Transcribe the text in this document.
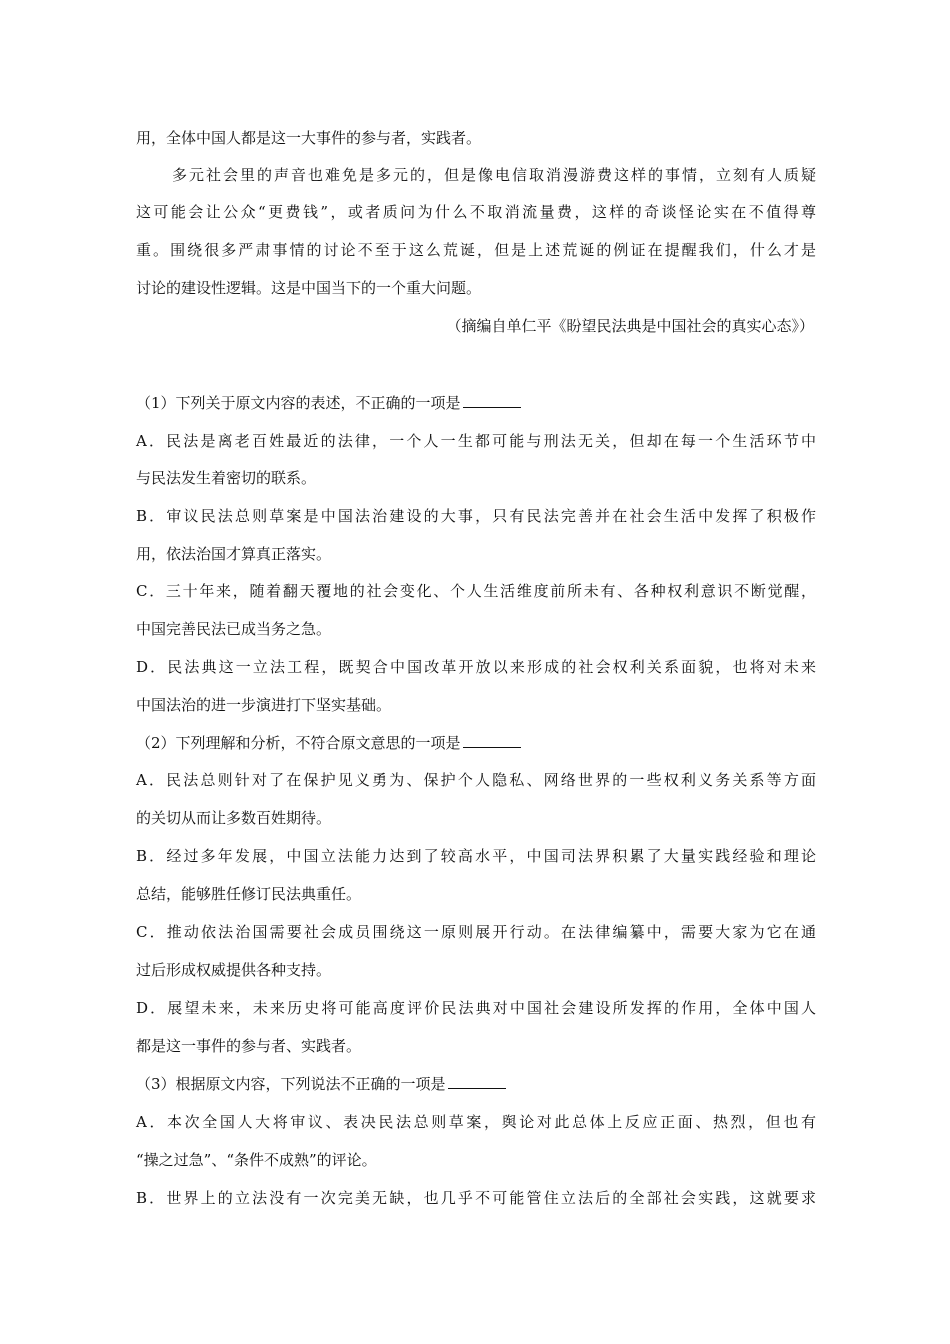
用，全体中国人都是这一大事件的参与者，实践者。
多元社会里的声音也难免是多元的，但是像电信取消漫游费这样的事情，立刻有人质疑
这可能会让公众“更费钱”，或者质问为什么不取消流量费，这样的奇谈怪论实在不值得尊
重。围绕很多严肃事情的讨论不至于这么荒诞，但是上述荒诞的例证在提醒我们，什么才是
讨论的建设性逻辑。这是中国当下的一个重大问题。
（摘编自单仁平《盼望民法典是中国社会的真实心态》）
（1）下列关于原文内容的表述，不正确的一项是
A．民法是离老百姓最近的法律，一个人一生都可能与刑法无关，但却在每一个生活环节中
与民法发生着密切的联系。
B．审议民法总则草案是中国法治建设的大事，只有民法完善并在社会生活中发挥了积极作
用，依法治国才算真正落实。
C．三十年来，随着翻天覆地的社会变化、个人生活维度前所未有、各种权利意识不断觉醒，
中国完善民法已成当务之急。
D．民法典这一立法工程，既契合中国改革开放以来形成的社会权利关系面貌，也将对未来
中国法治的进一步演进打下坚实基础。
（2）下列理解和分析，不符合原文意思的一项是
A．民法总则针对了在保护见义勇为、保护个人隐私、网络世界的一些权利义务关系等方面
的关切从而让多数百姓期待。
B．经过多年发展，中国立法能力达到了较高水平，中国司法界积累了大量实践经验和理论
总结，能够胜任修订民法典重任。
C．推动依法治国需要社会成员围绕这一原则展开行动。在法律编纂中，需要大家为它在通
过后形成权威提供各种支持。
D．展望未来，未来历史将可能高度评价民法典对中国社会建设所发挥的作用，全体中国人
都是这一事件的参与者、实践者。
（3）根据原文内容，下列说法不正确的一项是
A．本次全国人大将审议、表决民法总则草案，舆论对此总体上反应正面、热烈，但也有
“操之过急”、“条件不成熟”的评论。
B．世界上的立法没有一次完美无缺，也几乎不可能管住立法后的全部社会实践，这就要求
